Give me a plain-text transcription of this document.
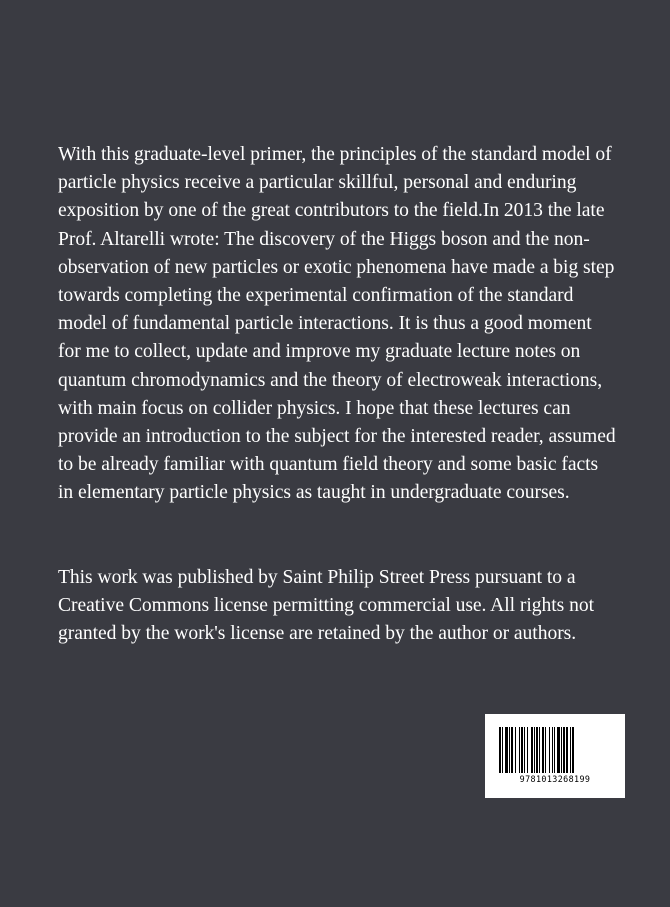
With this graduate-level primer, the principles of the standard model of particle physics receive a particular skillful, personal and enduring exposition by one of the great contributors to the field.In 2013 the late Prof. Altarelli wrote: The discovery of the Higgs boson and the non-observation of new particles or exotic phenomena have made a big step towards completing the experimental confirmation of the standard model of fundamental particle interactions. It is thus a good moment for me to collect, update and improve my graduate lecture notes on quantum chromodynamics and the theory of electroweak interactions, with main focus on collider physics. I hope that these lectures can provide an introduction to the subject for the interested reader, assumed to be already familiar with quantum field theory and some basic facts in elementary particle physics as taught in undergraduate courses.

This work was published by Saint Philip Street Press pursuant to a Creative Commons license permitting commercial use. All rights not granted by the work's license are retained by the author or authors.

9781013268199
